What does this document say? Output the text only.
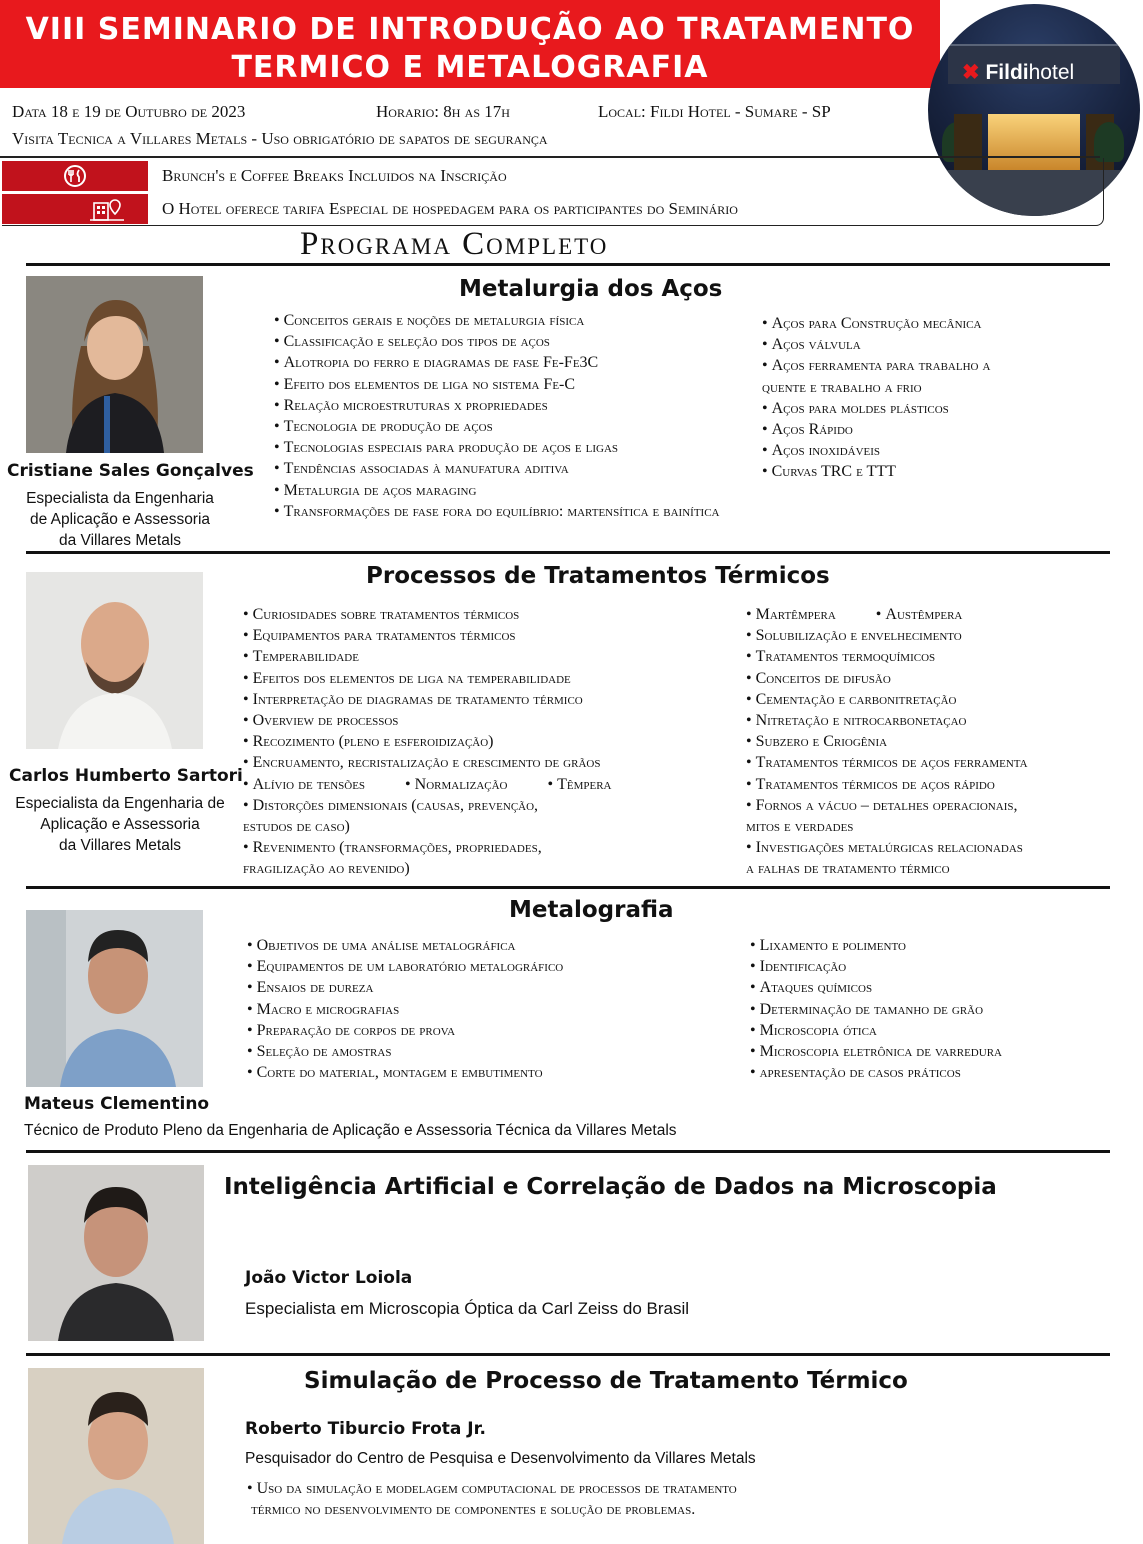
VIII SEMINARIO DE INTRODUÇÃO AO TRATAMENTO
TERMICO E METALOGRAFIA	✖ Fildihotel
Data 18 e 19 de Outubro de 2023	Horario: 8h as 17h	Local: Fildi Hotel - Sumare - SP
Visita Tecnica a Villares Metals - Uso obrigatório de sapatos de segurança
Brunch's e Coffee Breaks Incluidos na Inscrição
O Hotel oferece tarifa Especial de hospedagem para os participantes do Seminário
Programa Completo
Metalurgia dos Aços
Cristiane Sales Gonçalves
Especialista da Engenharia
de Aplicação e Assessoria
da Villares Metals
• Conceitos gerais e noções de metalurgia física
• Classificação e seleção dos tipos de aços
• Alotropia do ferro e diagramas de fase Fe-Fe3C
• Efeito dos elementos de liga no sistema Fe-C
• Relação microestruturas x propriedades
• Tecnologia de produção de aços
• Tecnologias especiais para produção de aços e ligas
• Tendências associadas à manufatura aditiva
• Metalurgia de aços maraging
• Transformações de fase fora do equilíbrio: martensítica e bainítica
• Aços para Construção mecânica
• Aços válvula
• Aços ferramenta para trabalho a
quente e trabalho a frio
• Aços para moldes plásticos
• Aços Rápido
• Aços inoxidáveis
• Curvas TRC e TTT
Processos de Tratamentos Térmicos
Carlos Humberto Sartori
Especialista da Engenharia de
Aplicação e Assessoria
da Villares Metals
• Curiosidades sobre tratamentos térmicos
• Equipamentos para tratamentos térmicos
• Temperabilidade
• Efeitos dos elementos de liga na temperabilidade
• Interpretação de diagramas de tratamento térmico
• Overview de processos
• Recozimento (pleno e esferoidização)
• Encruamento, recristalização e crescimento de grãos
• Alívio de tensões	• Normalização	• Têmpera
• Distorções dimensionais (causas, prevenção,
estudos de caso)
• Revenimento (transformações, propriedades,
fragilização ao revenido)
• Martêmpera	• Austêmpera
• Solubilização e envelhecimento
• Tratamentos termoquímicos
• Conceitos de difusão
• Cementação e carbonitretação
• Nitretação e nitrocarbonetaçao
• Subzero e Criogênia
• Tratamentos térmicos de aços ferramenta
• Tratamentos térmicos de aços rápido
• Fornos a vácuo – detalhes operacionais,
mitos e verdades
• Investigações metalúrgicas relacionadas
a falhas de tratamento térmico
Metalografia
Mateus Clementino
Técnico de Produto Pleno da Engenharia de Aplicação e Assessoria Técnica da Villares Metals
• Objetivos de uma análise metalográfica
• Equipamentos de um laboratório metalográfico
• Ensaios de dureza
• Macro e micrografias
• Preparação de corpos de prova
• Seleção de amostras
• Corte do material, montagem e embutimento
• Lixamento e polimento
• Identificação
• Ataques químicos
• Determinação de tamanho de grão
• Microscopia ótica
• Microscopia eletrônica de varredura
• apresentação de casos práticos
Inteligência Artificial e Correlação de Dados na Microscopia
João Victor Loiola
Especialista em Microscopia Óptica da Carl Zeiss do Brasil
Simulação de Processo de Tratamento Térmico
Roberto Tiburcio Frota Jr.
Pesquisador do Centro de Pesquisa e Desenvolvimento da Villares Metals
• Uso da simulação e modelagem computacional de processos de tratamento
térmico no desenvolvimento de componentes e solução de problemas.
